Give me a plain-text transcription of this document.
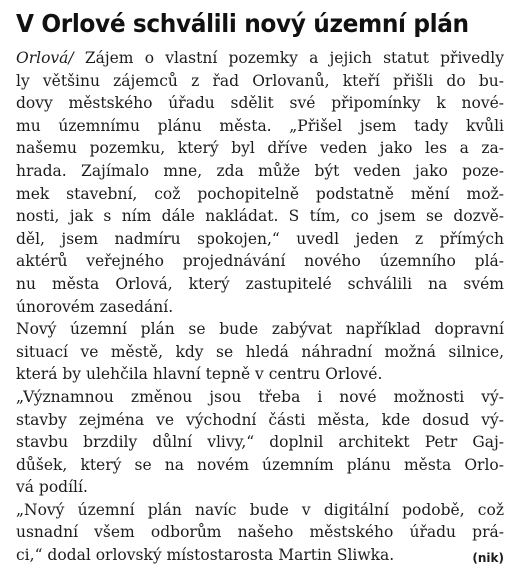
V Orlové schválili nový územní plán
Orlová/ Zájem o vlastní pozemky a jejich statut přivedly
ly většinu zájemců z řad Orlovanů, kteří přišli do bu-
dovy městského úřadu sdělit své připomínky k nové-
mu územnímu plánu města. „Přišel jsem tady kvůli
našemu pozemku, který byl dříve veden jako les a za-
hrada. Zajímalo mne, zda může být veden jako poze-
mek stavební, což pochopitelně podstatně mění mož-
nosti, jak s ním dále nakládat. S tím, co jsem se dozvě-
děl, jsem nadmíru spokojen,“ uvedl jeden z přímých
aktérů veřejného projednávání nového územního plá-
nu města Orlová, který zastupitelé schválili na svém
únorovém zasedání.
Nový územní plán se bude zabývat například dopravní
situací ve městě, kdy se hledá náhradní možná silnice,
která by ulehčila hlavní tepně v centru Orlové.
„Významnou změnou jsou třeba i nové možnosti vý-
stavby zejména ve východní části města, kde dosud vý-
stavbu brzdily důlní vlivy,“ doplnil architekt Petr Gaj-
důšek, který se na novém územním plánu města Orlo-
vá podílí.
„Nový územní plán navíc bude v digitální podobě, což
usnadní všem odborům našeho městského úřadu prá-
ci,“ dodal orlovský místostarosta Martin Sliwka.	(nik)
